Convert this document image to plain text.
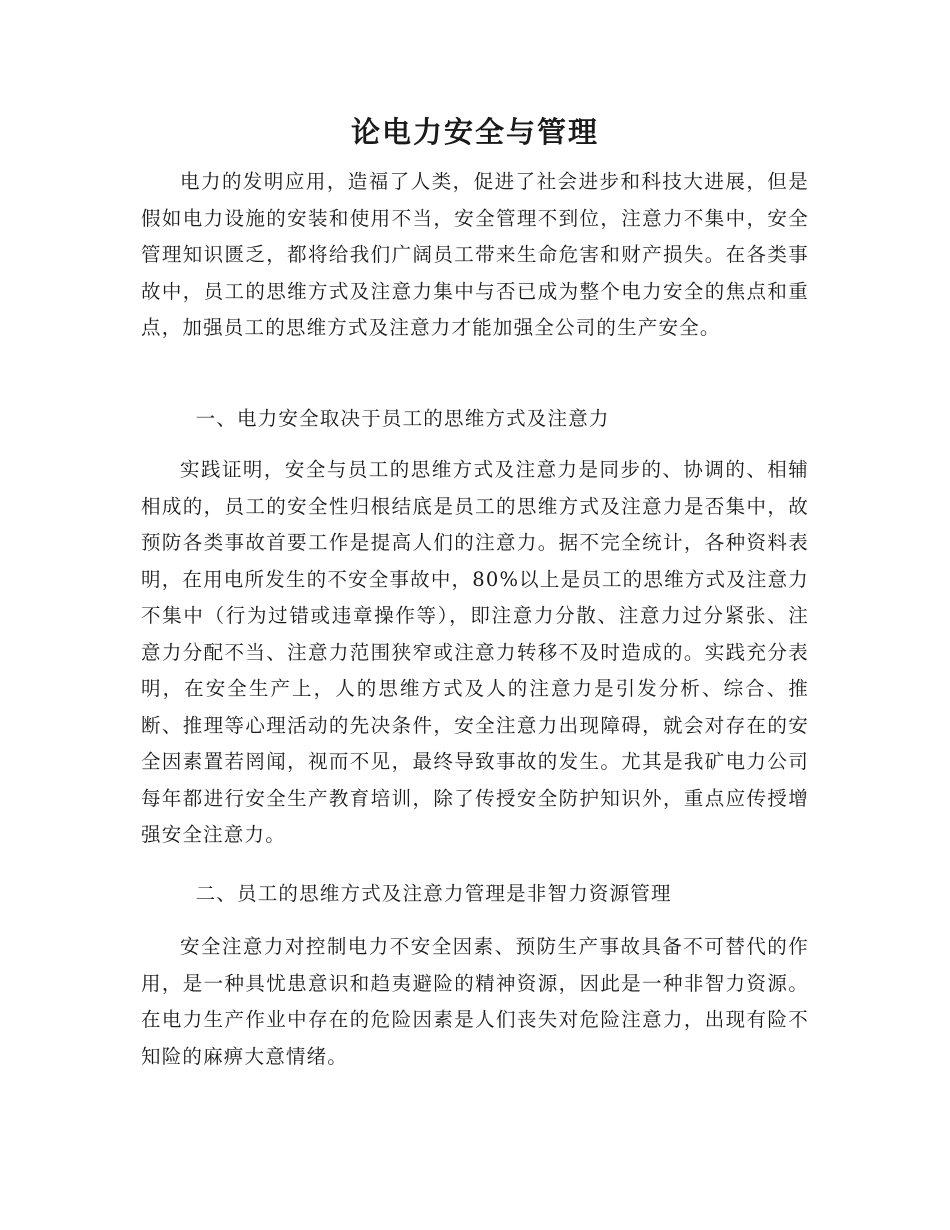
论电力安全与管理

电力的发明应用，造福了人类，促进了社会进步和科技大进展，但是假如电力设施的安装和使用不当，安全管理不到位，注意力不集中，安全管理知识匮乏，都将给我们广阔员工带来生命危害和财产损失。在各类事故中，员工的思维方式及注意力集中与否已成为整个电力安全的焦点和重点，加强员工的思维方式及注意力才能加强全公司的生产安全。

一、电力安全取决于员工的思维方式及注意力

实践证明，安全与员工的思维方式及注意力是同步的、协调的、相辅相成的，员工的安全性归根结底是员工的思维方式及注意力是否集中，故预防各类事故首要工作是提高人们的注意力。据不完全统计，各种资料表明，在用电所发生的不安全事故中，80%以上是员工的思维方式及注意力不集中（行为过错或违章操作等），即注意力分散、注意力过分紧张、注意力分配不当、注意力范围狭窄或注意力转移不及时造成的。实践充分表明，在安全生产上，人的思维方式及人的注意力是引发分析、综合、推断、推理等心理活动的先决条件，安全注意力出现障碍，就会对存在的安全因素置若罔闻，视而不见，最终导致事故的发生。尤其是我矿电力公司每年都进行安全生产教育培训，除了传授安全防护知识外，重点应传授增强安全注意力。

二、员工的思维方式及注意力管理是非智力资源管理

安全注意力对控制电力不安全因素、预防生产事故具备不可替代的作用，是一种具忧患意识和趋夷避险的精神资源，因此是一种非智力资源。在电力生产作业中存在的危险因素是人们丧失对危险注意力，出现有险不知险的麻痹大意情绪。
